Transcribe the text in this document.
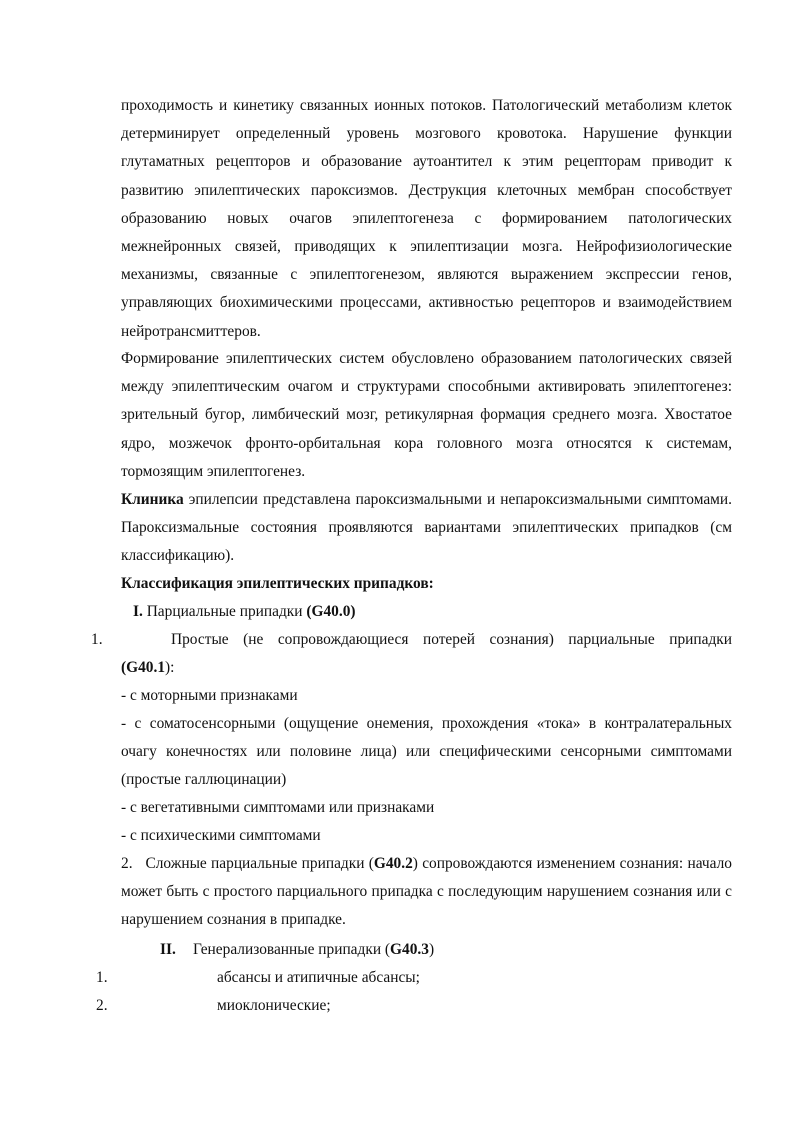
проходимость и кинетику связанных ионных потоков. Патологический метаболизм клеток детерминирует определенный уровень мозгового кровотока. Нарушение функции глутаматных рецепторов и образование аутоантител к этим рецепторам приводит к развитию эпилептических пароксизмов. Деструкция клеточных мембран способствует образованию новых очагов эпилептогенеза с формированием патологических межнейронных связей, приводящих к эпилептизации мозга. Нейрофизиологические механизмы, связанные с эпилептогенезом, являются выражением экспрессии генов, управляющих биохимическими процессами, активностью рецепторов и взаимодействием нейротрансмиттеров.
Формирование эпилептических систем обусловлено образованием патологических связей между эпилептическим очагом и структурами способными активировать эпилептогенез: зрительный бугор, лимбический мозг, ретикулярная формация среднего мозга. Хвостатое ядро, мозжечок фронто-орбитальная кора головного мозга относятся к системам, тормозящим эпилептогенез.
Клиника эпилепсии представлена пароксизмальными и непароксизмальными симптомами. Пароксизмальные состояния проявляются вариантами эпилептических припадков (см классификацию).
Классификация эпилептических припадков:
I. Парциальные припадки (G40.0)
1.	Простые (не сопровождающиеся потерей сознания) парциальные припадки
(G40.1):
- с моторными признаками
- с соматосенсорными (ощущение онемения, прохождения «тока» в контралатеральных очагу конечностях или половине лица) или специфическими сенсорными симптомами (простые галлюцинации)
- с вегетативными симптомами или признаками
- с психическими симптомами
2.   Сложные парциальные припадки (G40.2) сопровождаются изменением сознания: начало может быть с простого парциального припадка с последующим нарушением сознания или с нарушением сознания в припадке.
II. Генерализованные припадки (G40.3)
1.	абсансы и атипичные абсансы;
2.	миоклонические;
